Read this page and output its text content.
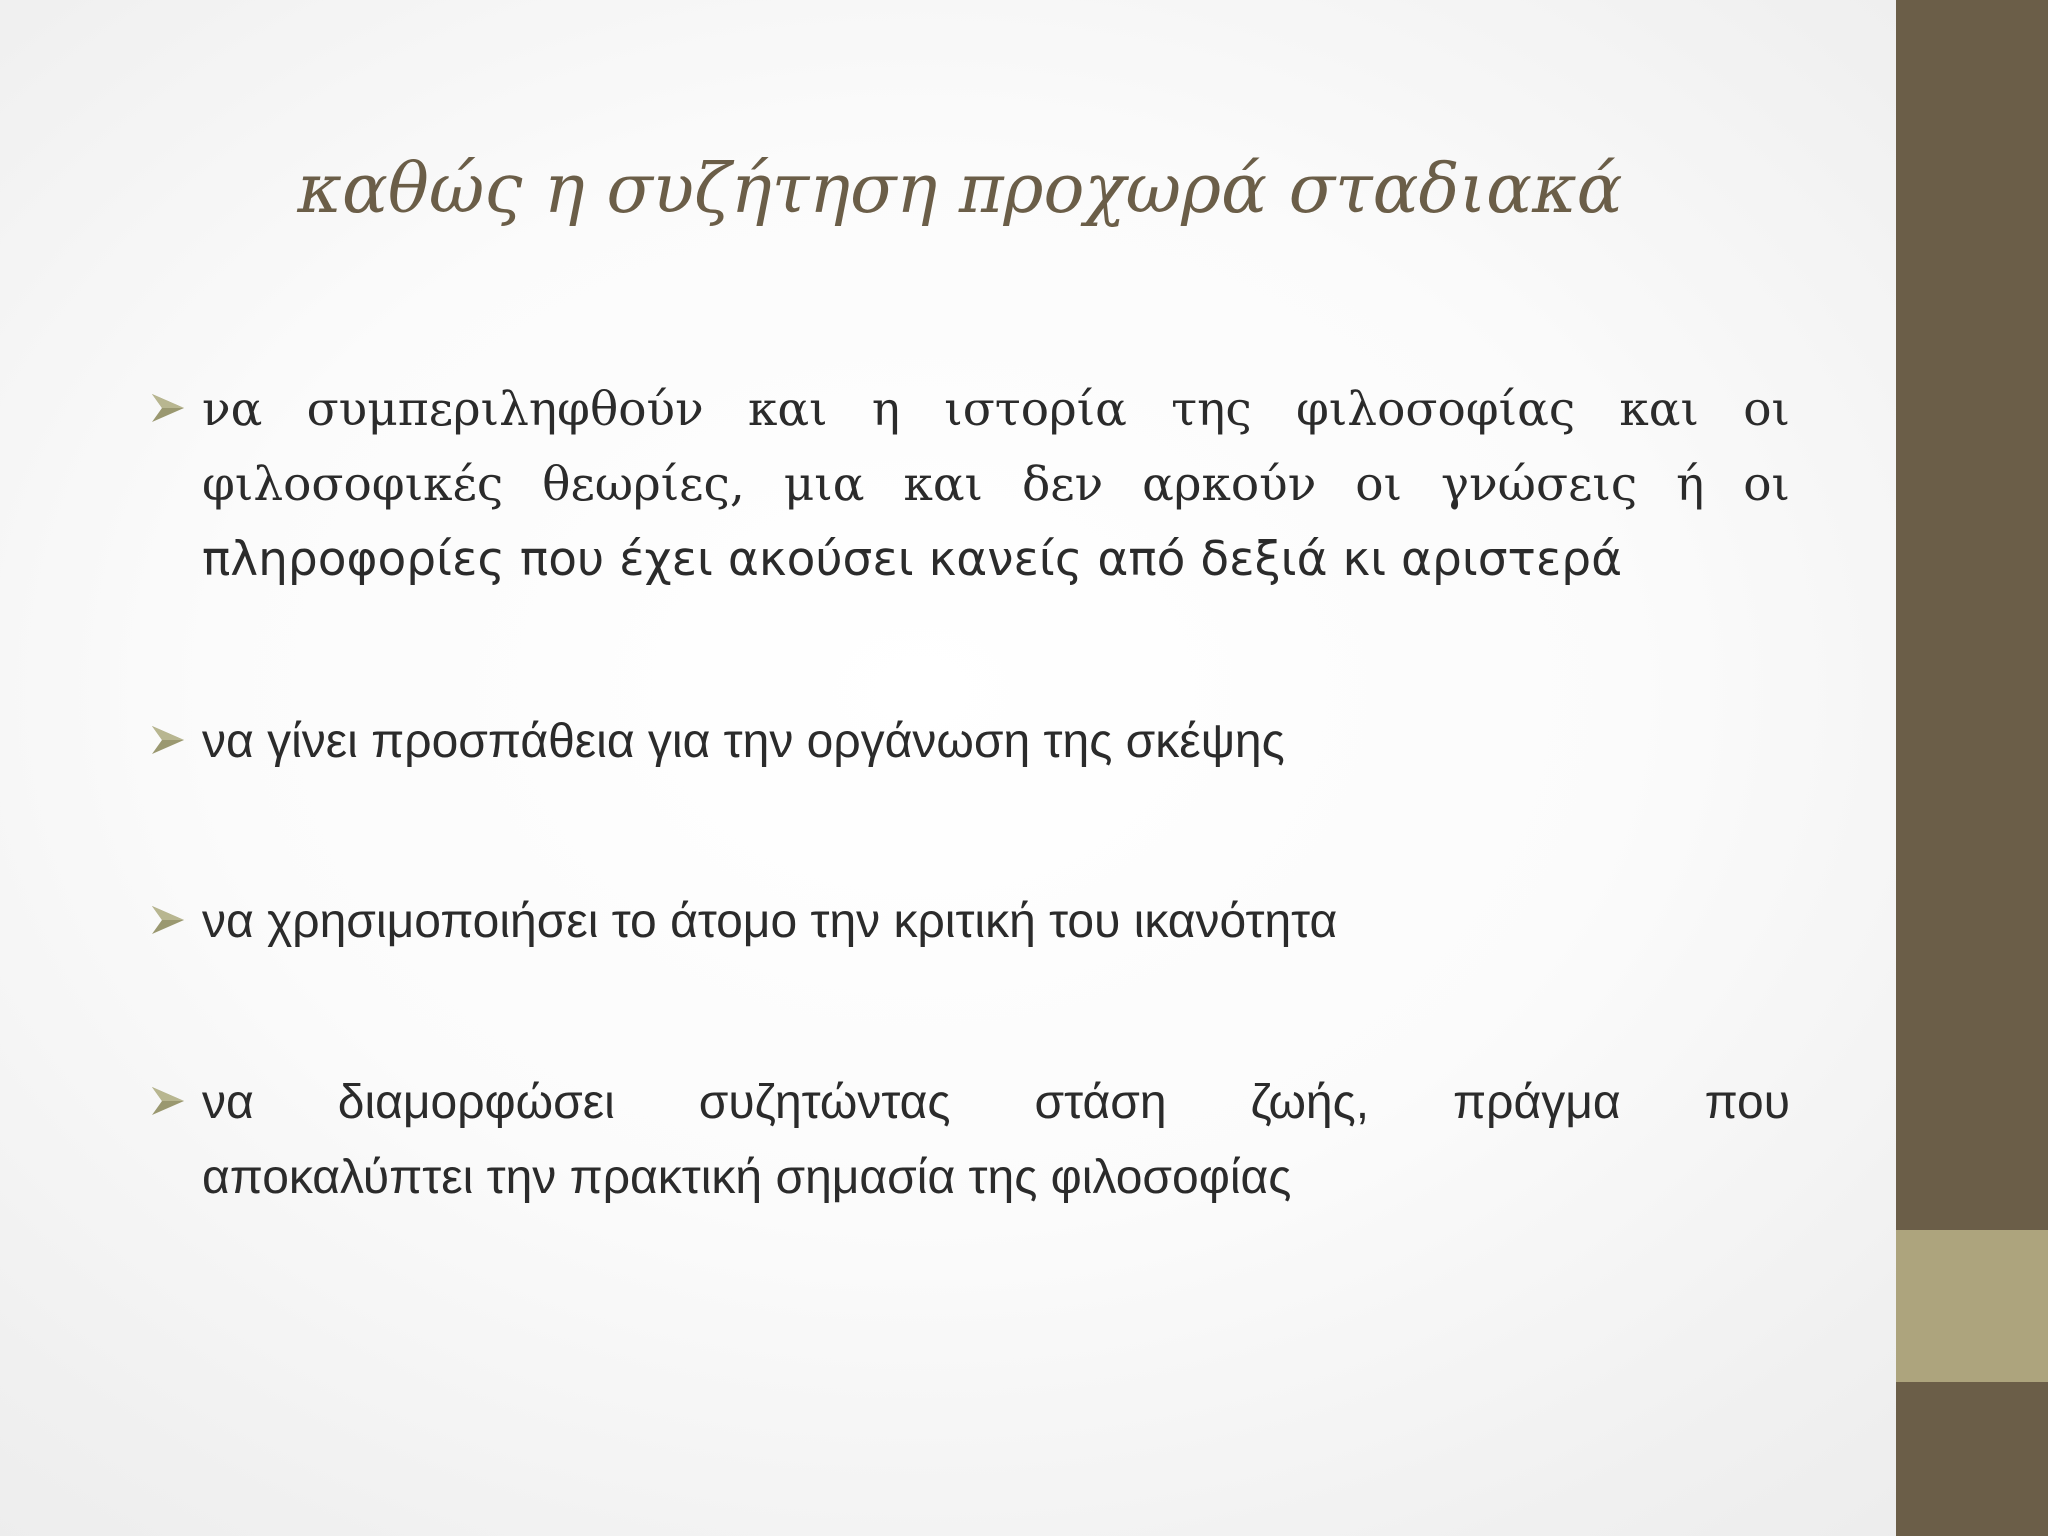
καθώς η συζήτηση προχωρά σταδιακά
να συμπεριληφθούν και η ιστορία της φιλοσοφίας και οι
φιλοσοφικές θεωρίες, μια και δεν αρκούν οι γνώσεις ή οι
πληροφορίες που έχει ακούσει κανείς από δεξιά κι αριστερά
να γίνει προσπάθεια για την οργάνωση της σκέψης
να χρησιμοποιήσει το άτομο την κριτική του ικανότητα
να διαμορφώσει συζητώντας στάση ζωής, πράγμα που
αποκαλύπτει την πρακτική σημασία της φιλοσοφίας
